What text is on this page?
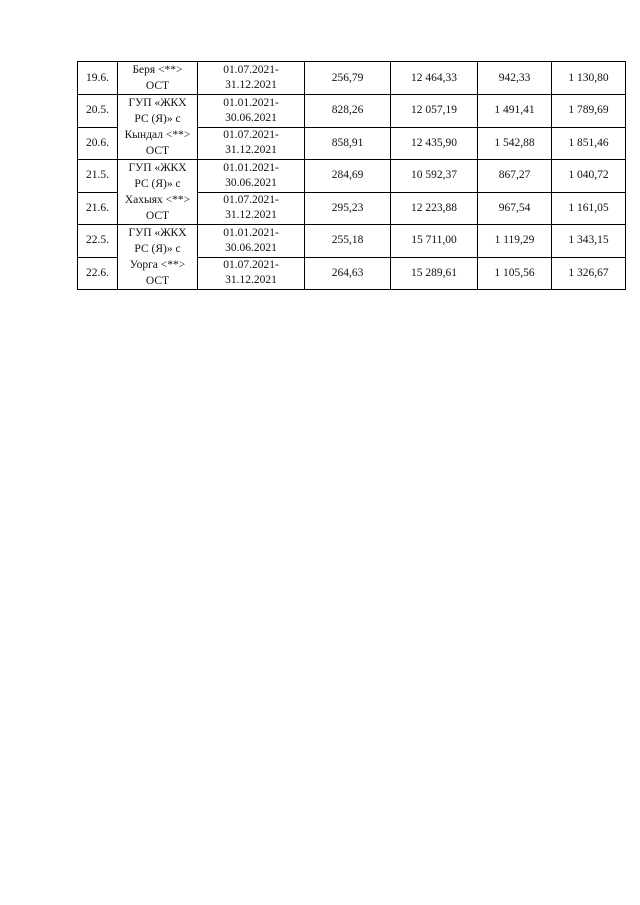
19.6.	Беря <**> ОСТ	01.07.2021-
31.12.2021	256,79	12 464,33	942,33	1 130,80
20.5.	ГУП «ЖКХ РС (Я)» с Кындал <**> ОСТ	01.01.2021-
30.06.2021	828,26	12 057,19	1 491,41	1 789,69
20.6.		01.07.2021-
31.12.2021	858,91	12 435,90	1 542,88	1 851,46
21.5.	ГУП «ЖКХ РС (Я)» с Хахыях <**> ОСТ	01.01.2021-
30.06.2021	284,69	10 592,37	867,27	1 040,72
21.6.		01.07.2021-
31.12.2021	295,23	12 223,88	967,54	1 161,05
22.5.	ГУП «ЖКХ РС (Я)» с Уорга <**> ОСТ	01.01.2021-
30.06.2021	255,18	15 711,00	1 119,29	1 343,15
22.6.		01.07.2021-
31.12.2021	264,63	15 289,61	1 105,56	1 326,67
